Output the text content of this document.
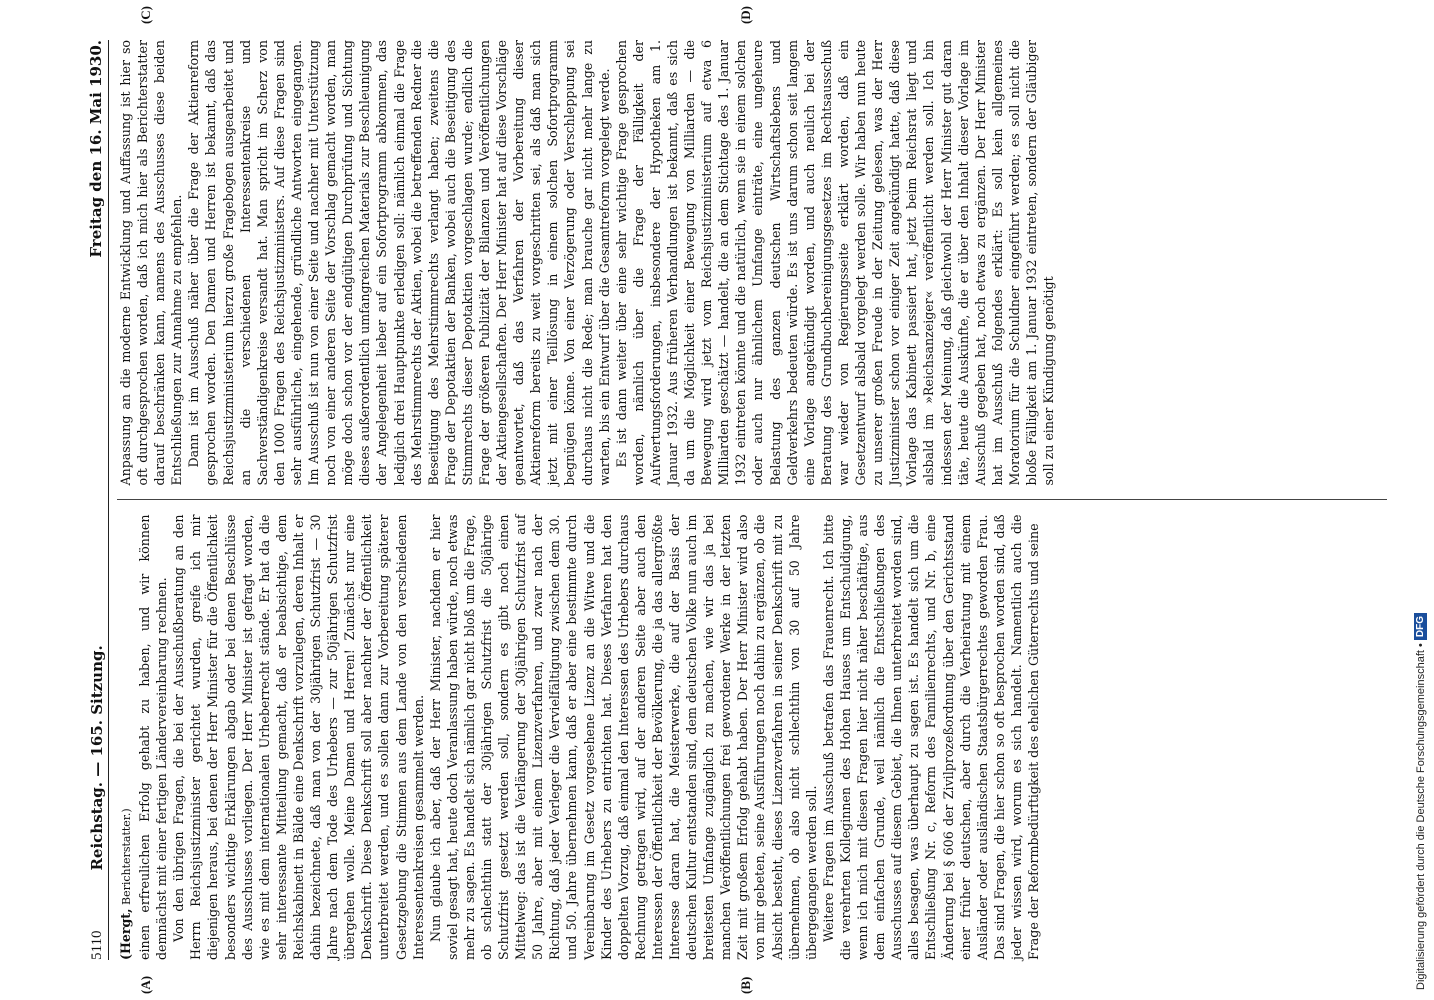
5110
Reichstag. — 165. Sitzung.
Freitag den 16. Mai 1930.
(A)	(B)
(Hergt, Berichterstatter.) einen erfreulichen Erfolg gehabt zu haben, und wir können demnächst mit einer fertigen Ländervereinbarung rechnen. Von den übrigen Fragen, die bei der Ausschußberatung an den Herrn Reichsjustizminister gerichtet wurden, greife ich mir diejenigen heraus, bei denen der Herr Minister für die Öffentlichkeit besonders wichtige Erklärungen abgab oder bei denen Beschlüsse des Ausschusses vorliegen. Der Herr Minister ist gefragt worden, wie es mit dem internationalen Urheberrecht stände. Er hat da die sehr interessante Mitteilung gemacht, daß er beabsichtige, dem Reichskabinett in Bälde eine Denkschrift vorzulegen, deren Inhalt er dahin bezeichnete, daß man von der 30jährigen Schutzfrist — 30 Jahre nach dem Tode des Urhebers — zur 50jährigen Schutzfrist übergehen wolle. Meine Damen und Herren! Zunächst nur eine Denkschrift. Diese Denkschrift soll aber nachher der Öffentlichkeit unterbreitet werden, und es sollen dann zur Vorbereitung späterer Gesetzgebung die Stimmen aus dem Lande von den verschiedenen Interessentenkreisen gesammelt werden. Nun glaube ich aber, daß der Herr Minister, nachdem er hier soviel gesagt hat, heute doch Veranlassung haben würde, noch etwas mehr zu sagen. Es handelt sich nämlich gar nicht bloß um die Frage, ob schlechthin statt der 30jährigen Schutzfrist die 50jährige Schutzfrist gesetzt werden soll, sondern es gibt noch einen Mittelweg: das ist die Verlängerung der 30jährigen Schutzfrist auf 50 Jahre, aber mit einem Lizenzverfahren, und zwar nach der Richtung, daß jeder Verleger die Vervielfältigung zwischen dem 30. und 50. Jahre übernehmen kann, daß er aber eine bestimmte durch Vereinbarung im Gesetz vorgesehene Lizenz an die Witwe und die Kinder des Urhebers zu entrichten hat. Dieses Verfahren hat den doppelten Vorzug, daß einmal den Interessen des Urhebers durchaus Rechnung getragen wird, auf der anderen Seite aber auch den Interessen der Öffentlichkeit der Bevölkerung, die ja das allergrößte Interesse daran hat, die Meisterwerke, die auf der Basis der deutschen Kultur entstanden sind, dem deutschen Volke nun auch im breitesten Umfange zugänglich zu machen, wie wir das ja bei manchen Veröffentlichungen frei gewordener Werke in der letzten Zeit mit großem Erfolg gehabt haben. Der Herr Minister wird also von mir gebeten, seine Ausführungen noch dahin zu ergänzen, ob die Absicht besteht, dieses Lizenzverfahren in seiner Denkschrift mit zu übernehmen, ob also nicht schlechthin von 30 auf 50 Jahre übergegangen werden soll. Weitere Fragen im Ausschuß betrafen das Frauenrecht. Ich bitte die verehrten Kolleginnen des Hohen Hauses um Entschuldigung, wenn ich mich mit diesen Fragen hier nicht näher beschäftige, aus dem einfachen Grunde, weil nämlich die Entschließungen des Ausschusses auf diesem Gebiet, die Ihnen unterbreitet worden sind, alles besagen, was überhaupt zu sagen ist. Es handelt sich um die Entschließung Nr. c, Reform des Familienrechts, und Nr. b, eine Änderung bei § 606 der Zivilprozeßordnung über den Gerichtsstand einer früher deutschen, aber durch die Verheiratung mit einem Ausländer oder ausländischen Staatsbürgerrechtes geworden Frau. Das sind Fragen, die hier schon so oft besprochen worden sind, daß jeder wissen wird, worum es sich handelt. Namentlich auch die Frage der Reformbedürftigkeit des ehelichen Güterrechts und seine

(C)	(D)

Anpassung an die moderne Entwicklung und Auffassung ist hier so oft durchgesprochen worden, daß ich mich hier als Berichterstatter darauf beschränken kann, namens des Ausschusses diese beiden Entschließungen zur Annahme zu empfehlen. Dann ist im Ausschuß näher über die Frage der Aktienreform gesprochen worden. Den Damen und Herren ist bekannt, daß das Reichsjustizministerium hierzu große Fragebogen ausgearbeitet und an die verschiedenen Interessentenkreise und Sachverständigenkreise versandt hat. Man spricht im Scherz von den 1000 Fragen des Reichsjustizministers. Auf diese Fragen sind sehr ausführliche, eingehende, gründliche Antworten eingegangen. Im Ausschuß ist nun von einer Seite und nachher mit Unterstützung noch von einer anderen Seite der Vorschlag gemacht worden, man möge doch schon vor der endgültigen Durchprüfung und Sichtung dieses außerordentlich umfangreichen Materials zur Beschleunigung der Angelegenheit lieber auf ein Sofortprogramm abkommen, das lediglich drei Hauptpunkte erledigen soll: nämlich einmal die Frage des Mehrstimmrechts der Aktien, wobei die betreffenden Redner die Beseitigung des Mehrstimmrechts verlangt haben; zweitens die Frage der Depotaktien der Banken, wobei auch die Beseitigung des Stimmrechts dieser Depotaktien vorgeschlagen wurde; endlich die Frage der größeren Publizität der Bilanzen und Veröffentlichungen der Aktiengesellschaften. Der Herr Minister hat auf diese Vorschläge geantwortet, daß das Verfahren der Vorbereitung dieser Aktienreform bereits zu weit vorgeschritten sei, als daß man sich jetzt mit einer Teillösung in einem solchen Sofortprogramm begnügen könne. Von einer Verzögerung oder Verschleppung sei durchaus nicht die Rede; man brauche gar nicht mehr lange zu warten, bis ein Entwurf über die Gesamtreform vorgelegt werde. Es ist dann weiter über eine sehr wichtige Frage gesprochen worden, nämlich über die Frage der Fälligkeit der Aufwertungsforderungen, insbesondere der Hypotheken am 1. Januar 1932. Aus früheren Verhandlungen ist bekannt, daß es sich da um die Möglichkeit einer Bewegung von Milliarden — die Bewegung wird jetzt vom Reichsjustizministerium auf etwa 6 Milliarden geschätzt — handelt, die an dem Stichtage des 1. Januar 1932 eintreten könnte und die natürlich, wenn sie in einem solchen oder auch nur ähnlichem Umfange einträte, eine ungeheure Belastung des ganzen deutschen Wirtschaftslebens und Geldverkehrs bedeuten würde. Es ist uns darum schon seit langem eine Vorlage angekündigt worden, und auch neulich bei der Beratung des Grundbuchbereinigungsgesetzes im Rechtsausschuß war wieder von Regierungsseite erklärt worden, daß ein Gesetzentwurf alsbald vorgelegt werden solle. Wir haben nun heute zu unserer großen Freude in der Zeitung gelesen, was der Herr Justizminister schon vor einiger Zeit angekündigt hatte, daß diese Vorlage das Kabinett passiert hat, jetzt beim Reichsrat liegt und alsbald im »Reichsanzeiger« veröffentlicht werden soll. Ich bin indessen der Meinung, daß gleichwohl der Herr Minister gut daran täte, heute die Auskünfte, die er über den Inhalt dieser Vorlage im Ausschuß gegeben hat, noch etwas zu ergänzen. Der Herr Minister hat im Ausschuß folgendes erklärt: Es soll kein allgemeines Moratorium für die Schuldner eingeführt werden; es soll nicht die bloße Fälligkeit am 1. Januar 1932 eintreten, sondern der Gläubiger soll zu einer Kündigung genötigt

Digitalisierung gefördert durch die Deutsche Forschungsgemeinschaft •
DFG
